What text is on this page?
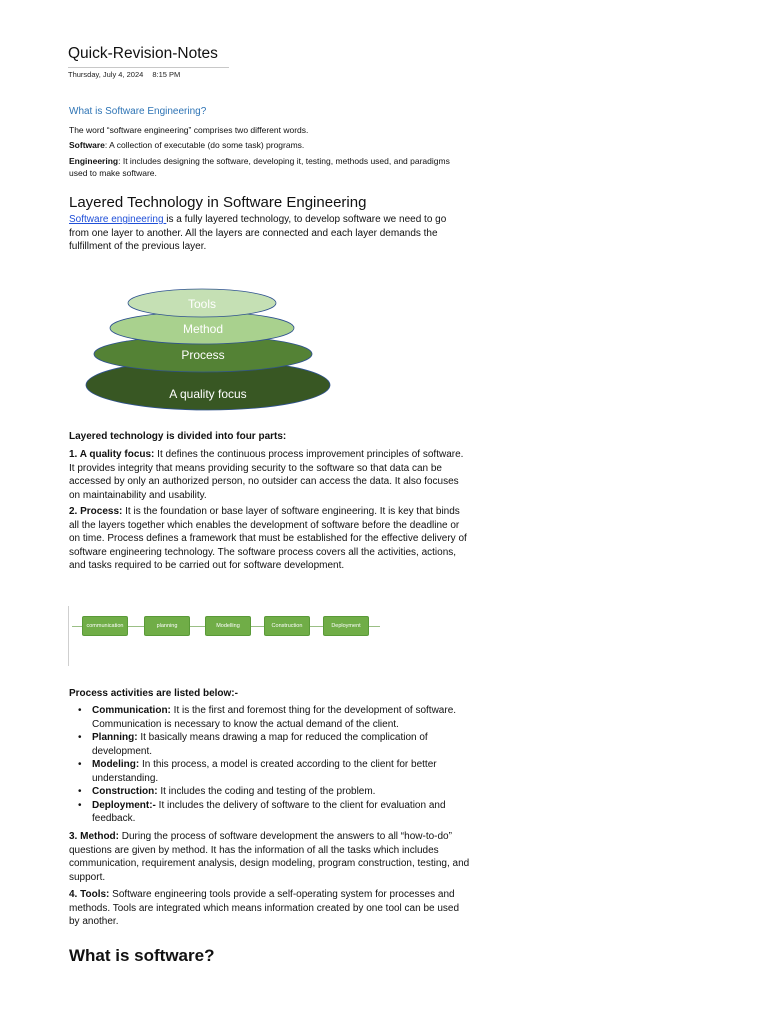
Quick-Revision-Notes
Thursday, July 4, 2024 8:15 PM
What is Software Engineering?

The word “software engineering” comprises two different words.

Software: A collection of executable (do some task) programs.

Engineering: It includes designing the software, developing it, testing, methods used, and paradigms used to make software.

Layered Technology in Software Engineering

Software engineering is a fully layered technology, to develop software we need to go from one layer to another. All the layers are connected and each layer demands the fulfillment of the previous layer.

Tools
Method
Process
A quality focus
Layered technology is divided into four parts:

1. A quality focus: It defines the continuous process improvement principles of software. It provides integrity that means providing security to the software so that data can be accessed by only an authorized person, no outsider can access the data. It also focuses on maintainability and usability.

2. Process: It is the foundation or base layer of software engineering. It is key that binds all the layers together which enables the development of software before the deadline or on time. Process defines a framework that must be established for the effective delivery of software engineering technology. The software process covers all the activities, actions, and tasks required to be carried out for software development.

communication	planning	Modelling	Construction	Deployment
Process activities are listed below:-
• Communication: It is the first and foremost thing for the development of software. Communication is necessary to know the actual demand of the client.
• Planning: It basically means drawing a map for reduced the complication of development.
• Modeling: In this process, a model is created according to the client for better understanding.
• Construction: It includes the coding and testing of the problem.
• Deployment:- It includes the delivery of software to the client for evaluation and feedback.

3. Method: During the process of software development the answers to all “how-to-do” questions are given by method. It has the information of all the tasks which includes communication, requirement analysis, design modeling, program construction, testing, and support.

4. Tools: Software engineering tools provide a self-operating system for processes and methods. Tools are integrated which means information created by one tool can be used by another.

What is software?
